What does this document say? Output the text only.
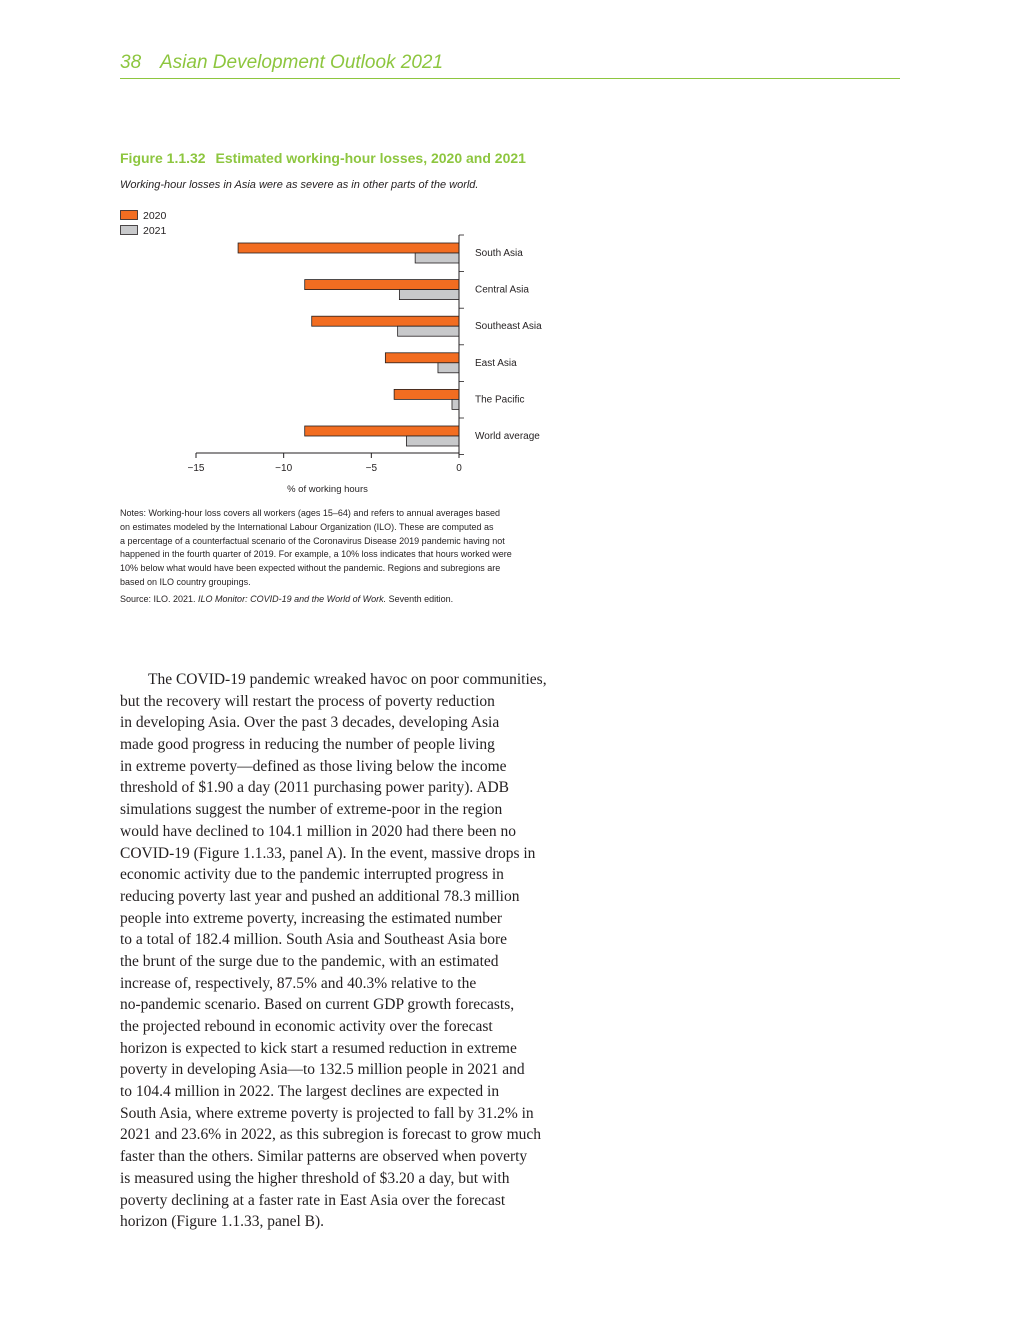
38 Asian Development Outlook 2021
Figure 1.1.32 Estimated working-hour losses, 2020 and 2021
Working-hour losses in Asia were as severe as in other parts of the world.
2020
2021
South Asia
Central Asia
Southeast Asia
East Asia
The Pacific
World average
−15	−10	−5	0
% of working hours
Notes: Working-hour loss covers all workers (ages 15–64) and refers to annual averages based
on estimates modeled by the International Labour Organization (ILO). These are computed as
a percentage of a counterfactual scenario of the Coronavirus Disease 2019 pandemic having not
happened in the fourth quarter of 2019. For example, a 10% loss indicates that hours worked were
10% below what would have been expected without the pandemic. Regions and subregions are
based on ILO country groupings.
Source: ILO. 2021. ILO Monitor: COVID-19 and the World of Work. Seventh edition.
The COVID-19 pandemic wreaked havoc on poor communities,
but the recovery will restart the process of poverty reduction
in developing Asia. Over the past 3 decades, developing Asia
made good progress in reducing the number of people living
in extreme poverty—defined as those living below the income
threshold of $1.90 a day (2011 purchasing power parity). ADB
simulations suggest the number of extreme-poor in the region
would have declined to 104.1 million in 2020 had there been no
COVID-19 (Figure 1.1.33, panel A). In the event, massive drops in
economic activity due to the pandemic interrupted progress in
reducing poverty last year and pushed an additional 78.3 million
people into extreme poverty, increasing the estimated number
to a total of 182.4 million. South Asia and Southeast Asia bore
the brunt of the surge due to the pandemic, with an estimated
increase of, respectively, 87.5% and 40.3% relative to the
no-pandemic scenario. Based on current GDP growth forecasts,
the projected rebound in economic activity over the forecast
horizon is expected to kick start a resumed reduction in extreme
poverty in developing Asia—to 132.5 million people in 2021 and
to 104.4 million in 2022. The largest declines are expected in
South Asia, where extreme poverty is projected to fall by 31.2% in
2021 and 23.6% in 2022, as this subregion is forecast to grow much
faster than the others. Similar patterns are observed when poverty
is measured using the higher threshold of $3.20 a day, but with
poverty declining at a faster rate in East Asia over the forecast
horizon (Figure 1.1.33, panel B).
